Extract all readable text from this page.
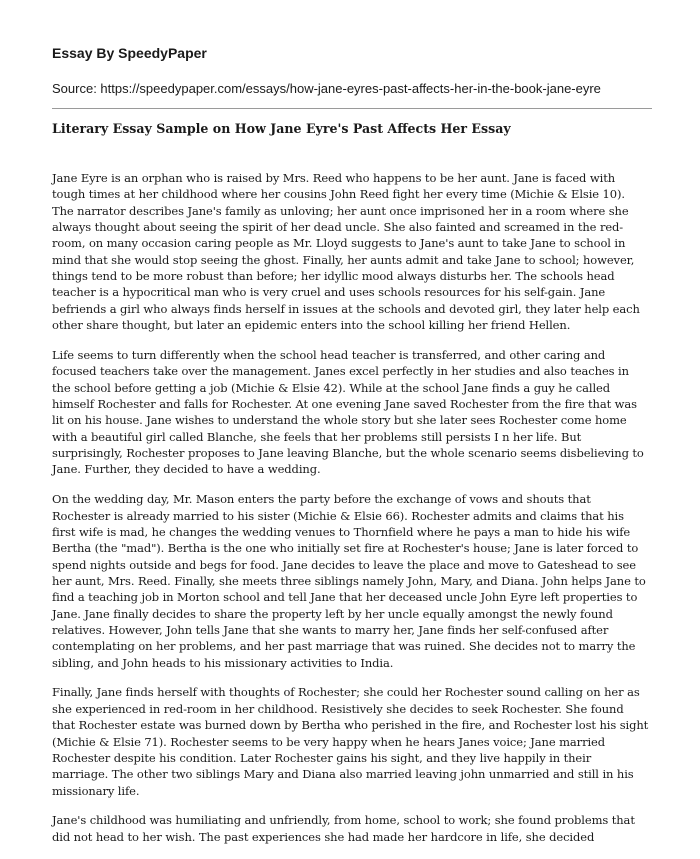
Essay By SpeedyPaper

Source: https://speedypaper.com/essays/how-jane-eyres-past-affects-her-in-the-book-jane-eyre

Literary Essay Sample on How Jane Eyre's Past Affects Her Essay

Jane Eyre is an orphan who is raised by Mrs. Reed who happens to be her aunt. Jane is faced with tough times at her childhood where her cousins John Reed fight her every time (Michie & Elsie 10). The narrator describes Jane's family as unloving; her aunt once imprisoned her in a room where she always thought about seeing the spirit of her dead uncle. She also fainted and screamed in the red-room, on many occasion caring people as Mr. Lloyd suggests to Jane's aunt to take Jane to school in mind that she would stop seeing the ghost. Finally, her aunts admit and take Jane to school; however, things tend to be more robust than before; her idyllic mood always disturbs her. The schools head teacher is a hypocritical man who is very cruel and uses schools resources for his self-gain. Jane befriends a girl who always finds herself in issues at the schools and devoted girl, they later help each other share thought, but later an epidemic enters into the school killing her friend Hellen.

Life seems to turn differently when the school head teacher is transferred, and other caring and focused teachers take over the management. Janes excel perfectly in her studies and also teaches in the school before getting a job (Michie & Elsie 42). While at the school Jane finds a guy he called himself Rochester and falls for Rochester. At one evening Jane saved Rochester from the fire that was lit on his house. Jane wishes to understand the whole story but she later sees Rochester come home with a beautiful girl called Blanche, she feels that her problems still persists I n her life. But surprisingly, Rochester proposes to Jane leaving Blanche, but the whole scenario seems disbelieving to Jane. Further, they decided to have a wedding.

On the wedding day, Mr. Mason enters the party before the exchange of vows and shouts that Rochester is already married to his sister (Michie & Elsie 66). Rochester admits and claims that his first wife is mad, he changes the wedding venues to Thornfield where he pays a man to hide his wife Bertha (the "mad"). Bertha is the one who initially set fire at Rochester's house; Jane is later forced to spend nights outside and begs for food. Jane decides to leave the place and move to Gateshead to see her aunt, Mrs. Reed. Finally, she meets three siblings namely John, Mary, and Diana. John helps Jane to find a teaching job in Morton school and tell Jane that her deceased uncle John Eyre left properties to Jane. Jane finally decides to share the property left by her uncle equally amongst the newly found relatives. However, John tells Jane that she wants to marry her, Jane finds her self-confused after contemplating on her problems, and her past marriage that was ruined. She decides not to marry the sibling, and John heads to his missionary activities to India.

Finally, Jane finds herself with thoughts of Rochester; she could her Rochester sound calling on her as she experienced in red-room in her childhood. Resistively she decides to seek Rochester. She found that Rochester estate was burned down by Bertha who perished in the fire, and Rochester lost his sight (Michie & Elsie 71). Rochester seems to be very happy when he hears Janes voice; Jane married Rochester despite his condition. Later Rochester gains his sight, and they live happily in their marriage. The other two siblings Mary and Diana also married leaving john unmarried and still in his missionary life.

Jane's childhood was humiliating and unfriendly, from home, school to work; she found problems that did not head to her wish. The past experiences she had made her hardcore in life, she decided
